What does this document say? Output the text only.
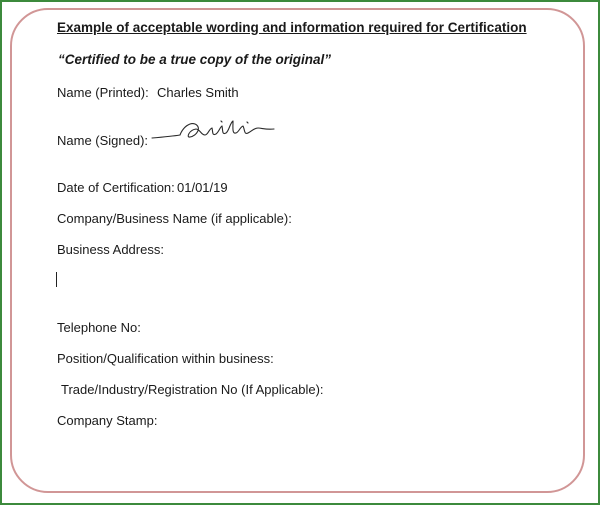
Example of acceptable wording and information required for Certification
“Certified to be a true copy of the original”
Name (Printed): Charles Smith
Name (Signed):
Date of Certification: 01/01/19
Company/Business Name (if applicable):
Business Address:
Telephone No:
Position/Qualification within business:
Trade/Industry/Registration No (If Applicable):
Company Stamp:
